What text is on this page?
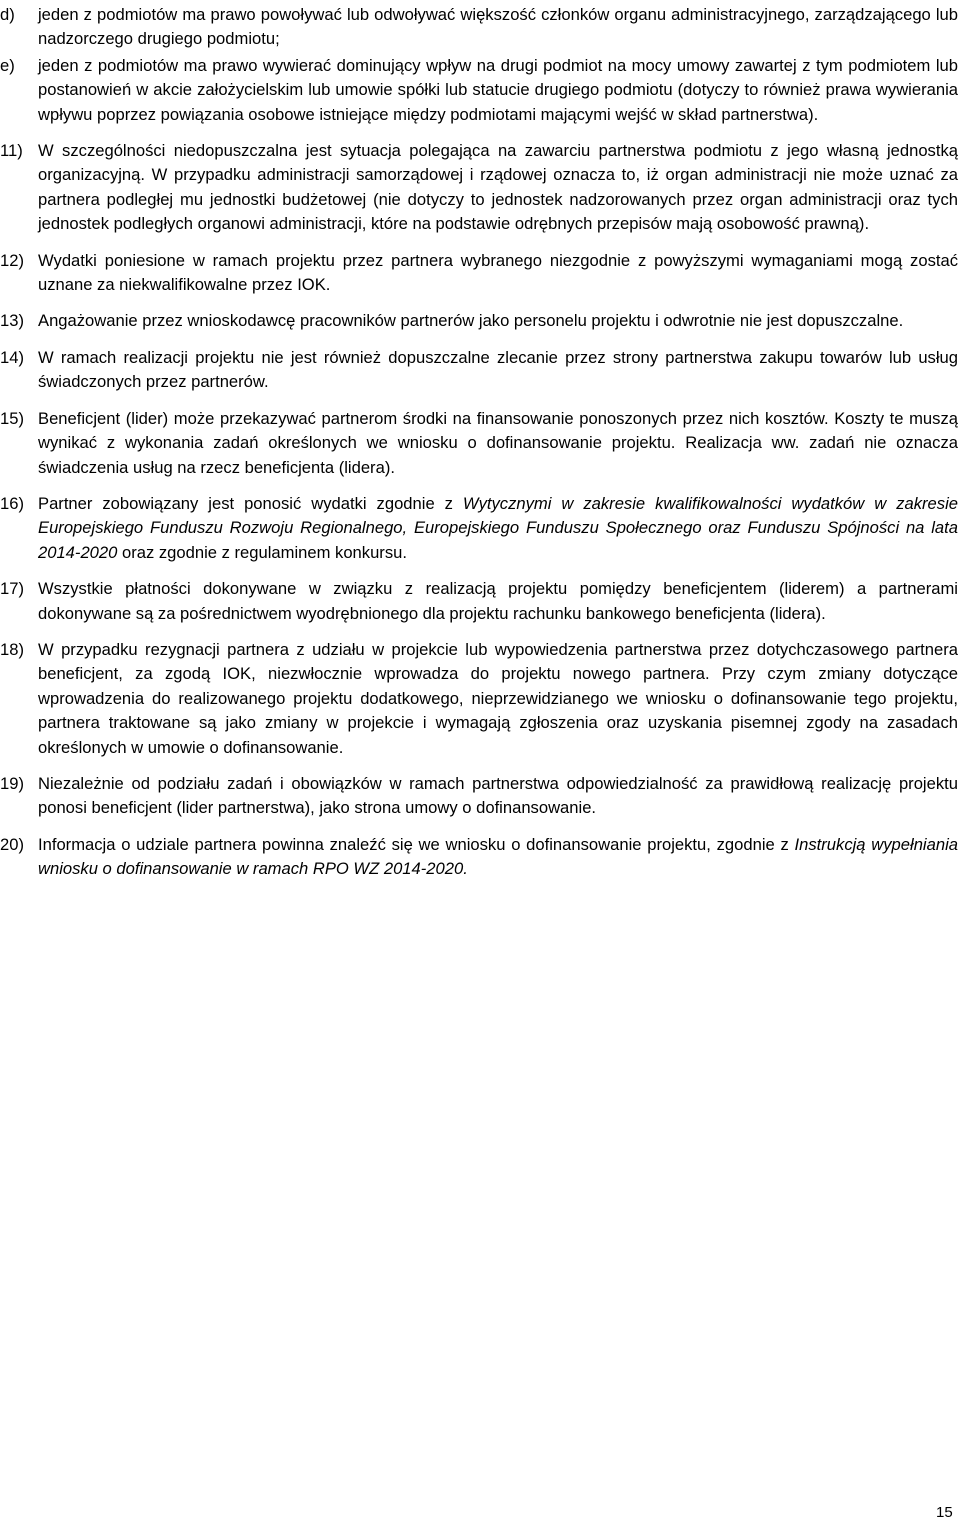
d) jeden z podmiotów ma prawo powoływać lub odwoływać większość członków organu administracyjnego, zarządzającego lub nadzorczego drugiego podmiotu;
e) jeden z podmiotów ma prawo wywierać dominujący wpływ na drugi podmiot na mocy umowy zawartej z tym podmiotem lub postanowień w akcie założycielskim lub umowie spółki lub statucie drugiego podmiotu (dotyczy to również prawa wywierania wpływu poprzez powiązania osobowe istniejące między podmiotami mającymi wejść w skład partnerstwa).
11) W szczególności niedopuszczalna jest sytuacja polegająca na zawarciu partnerstwa podmiotu z jego własną jednostką organizacyjną. W przypadku administracji samorządowej i rządowej oznacza to, iż organ administracji nie może uznać za partnera podległej mu jednostki budżetowej (nie dotyczy to jednostek nadzorowanych przez organ administracji oraz tych jednostek podległych organowi administracji, które na podstawie odrębnych przepisów mają osobowość prawną).
12) Wydatki poniesione w ramach projektu przez partnera wybranego niezgodnie z powyższymi wymaganiami mogą zostać uznane za niekwalifikowalne przez IOK.
13) Angażowanie przez wnioskodawcę pracowników partnerów jako personelu projektu i odwrotnie nie jest dopuszczalne.
14) W ramach realizacji projektu nie jest również dopuszczalne zlecanie przez strony partnerstwa zakupu towarów lub usług świadczonych przez partnerów.
15) Beneficjent (lider) może przekazywać partnerom środki na finansowanie ponoszonych przez nich kosztów. Koszty te muszą wynikać z wykonania zadań określonych we wniosku o dofinansowanie projektu. Realizacja ww. zadań nie oznacza świadczenia usług na rzecz beneficjenta (lidera).
16) Partner zobowiązany jest ponosić wydatki zgodnie z Wytycznymi w zakresie kwalifikowalności wydatków w zakresie Europejskiego Funduszu Rozwoju Regionalnego, Europejskiego Funduszu Społecznego oraz Funduszu Spójności na lata 2014-2020 oraz zgodnie z regulaminem konkursu.
17) Wszystkie płatności dokonywane w związku z realizacją projektu pomiędzy beneficjentem (liderem) a partnerami dokonywane są za pośrednictwem wyodrębnionego dla projektu rachunku bankowego beneficjenta (lidera).
18) W przypadku rezygnacji partnera z udziału w projekcie lub wypowiedzenia partnerstwa przez dotychczasowego partnera beneficjent, za zgodą IOK, niezwłocznie wprowadza do projektu nowego partnera. Przy czym zmiany dotyczące wprowadzenia do realizowanego projektu dodatkowego, nieprzewidzianego we wniosku o dofinansowanie tego projektu, partnera traktowane są jako zmiany w projekcie i wymagają zgłoszenia oraz uzyskania pisemnej zgody na zasadach określonych w umowie o dofinansowanie.
19) Niezależnie od podziału zadań i obowiązków w ramach partnerstwa odpowiedzialność za prawidłową realizację projektu ponosi beneficjent (lider partnerstwa), jako strona umowy o dofinansowanie.
20) Informacja o udziale partnera powinna znaleźć się we wniosku o dofinansowanie projektu, zgodnie z Instrukcją wypełniania wniosku o dofinansowanie w ramach RPO WZ 2014-2020.
15
